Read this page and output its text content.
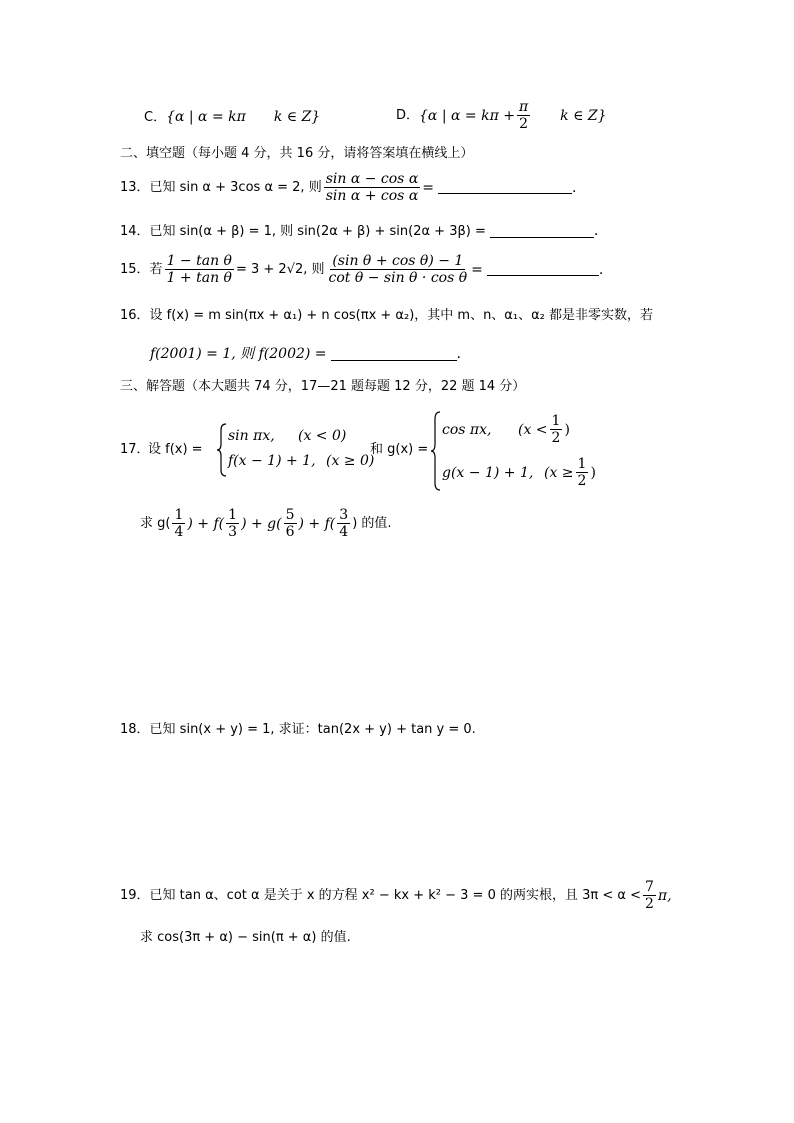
C．{α | α = kπ　　k ∈ Z}	D． {α | $\alpha = k\pi + \frac{\pi}{2}$ 　　k ∈ Z}
二、填空题（每小题 4 分，共 16 分，请将答案填在横线上）
13． 已知 sin α + 3cos α = 2, 则 $\frac{\text{sin α − cos α}}{\text{sin α + cos α}}$ =	.
14． 已知 sin(α + β) = 1, 则 sin(2α + β) + sin(2α + 3β) =	.
15． 若 $\frac{\text{1 − tan θ}}{\text{1 + tan θ}} = 3 + 2√2$, 则 $\frac{\text{(sin θ + cos θ) − 1}}{\text{cot θ − sin θ · cos θ}}$ =	.
16．设 f(x) = m sin(πx + α₁) + n cos(πx + α₂)，其中 m、n、α₁、α₂ 都是非零实数，若
f(2001) = 1, 则 f(2002) =	.
三、解答题（本大题共 74 分，17—21 题每题 12 分，22 题 14 分）
17．
设 f(x) =
sin πx, (x < 0)
f(x − 1) + 1, (x ≥ 0)
和 g(x) =
cos πx, ($x < \frac{1}{2}$ )
g(x − 1) + 1, ($x \ge \frac{1}{2}$ )
求 $g( \frac{1}{4}$ ) + $f( \frac{1}{3}$ ) + $g( \frac{5}{6}$ ) + $f( \frac{3}{4}$ ) 的值.
18．已知 sin(x + y) = 1, 求证：tan(2x + y) + tan y = 0.
19． 已知 tan α、cot α 是关于 x 的方程 x² − kx + k² − 3 = 0 的两实根，且 $3\pi < \alpha < \frac{7}{2} \pi$,
求 cos(3π + α) − sin(π + α) 的值.
